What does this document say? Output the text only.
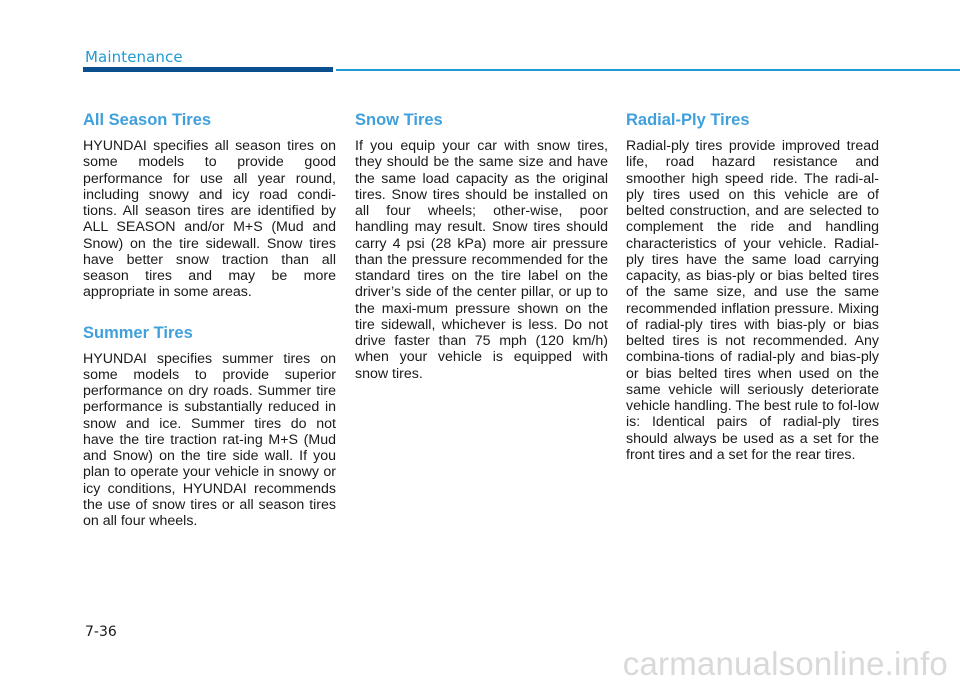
Maintenance
All Season Tires

HYUNDAI specifies all season tires on some models to provide good performance for use all year round, including snowy and icy road condi-tions. All season tires are identified by ALL SEASON and/or M+S (Mud and Snow) on the tire sidewall. Snow tires have better snow traction than all season tires and may be more appropriate in some areas.

Summer Tires

HYUNDAI specifies summer tires on some models to provide superior performance on dry roads. Summer tire performance is substantially reduced in snow and ice. Summer tires do not have the tire traction rat-ing M+S (Mud and Snow) on the tire side wall. If you plan to operate your vehicle in snowy or icy conditions, HYUNDAI recommends the use of snow tires or all season tires on all four wheels.

Snow Tires

If you equip your car with snow tires, they should be the same size and have the same load capacity as the original tires. Snow tires should be installed on all four wheels; other-wise, poor handling may result. Snow tires should carry 4 psi (28 kPa) more air pressure than the pressure recommended for the standard tires on the tire label on the driver’s side of the center pillar, or up to the maxi-mum pressure shown on the tire sidewall, whichever is less. Do not drive faster than 75 mph (120 km/h) when your vehicle is equipped with snow tires.

Radial-Ply Tires

Radial-ply tires provide improved tread life, road hazard resistance and smoother high speed ride. The radi-al-ply tires used on this vehicle are of belted construction, and are selected to complement the ride and handling characteristics of your vehicle. Radial-ply tires have the same load carrying capacity, as bias-ply or bias belted tires of the same size, and use the same recommended inflation pressure. Mixing of radial-ply tires with bias-ply or bias belted tires is not recommended. Any combina-tions of radial-ply and bias-ply or bias belted tires when used on the same vehicle will seriously deteriorate vehicle handling. The best rule to fol-low is: Identical pairs of radial-ply tires should always be used as a set for the front tires and a set for the rear tires.

7-36
carmanualsonline.info
